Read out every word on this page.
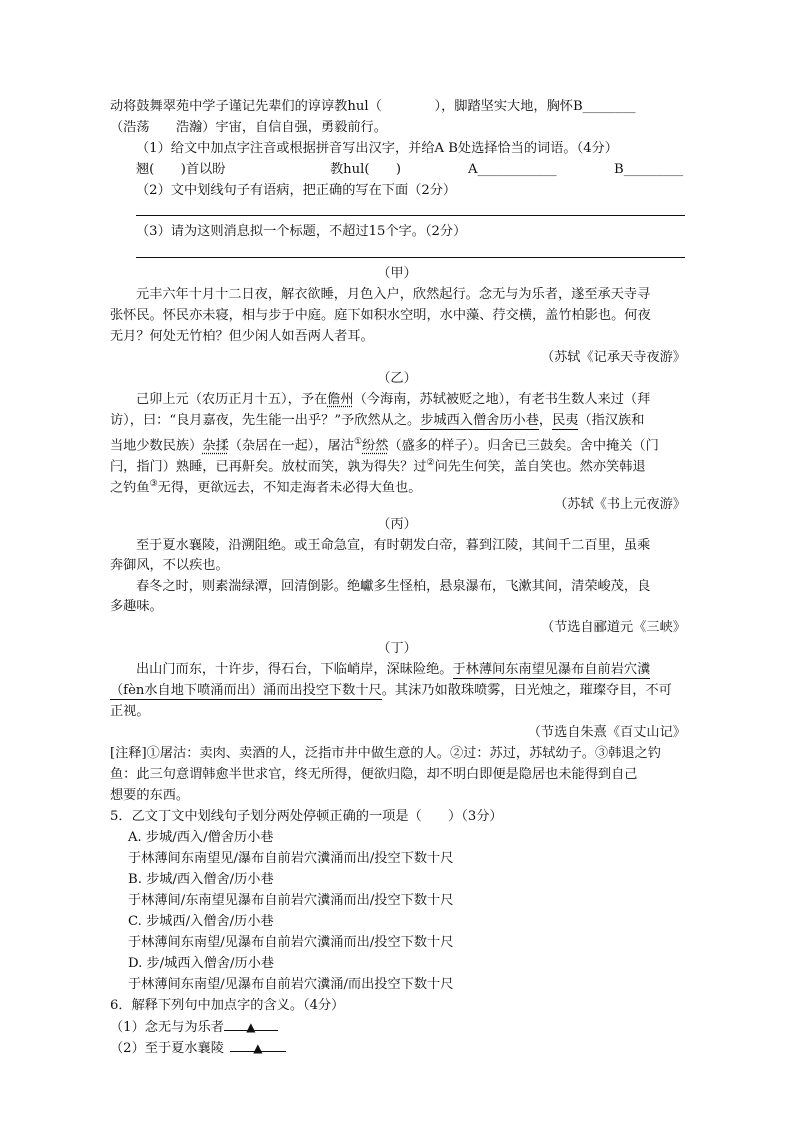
动将鼓舞翠苑中学子谨记先辈们的谆谆教hul（　　　　），脚踏坚实大地，胸怀B________
（浩荡　　浩瀚）宇宙，自信自强，勇毅前行。
（1）给文中加点字注音或根据拼音写出汉字，并给A B处选择恰当的词语。（4分）
翘(　　)首以盼	教hul(　　)	A____________	B_________
（2）文中划线句子有语病，把正确的写在下面（2分）
（3）请为这则消息拟一个标题，不超过15个字。（2分）
（甲）
元丰六年十月十二日夜，解衣欲睡，月色入户，欣然起行。念无与为乐者，遂至承天寺寻
张怀民。怀民亦未寝，相与步于中庭。庭下如积水空明，水中藻、荇交横，盖竹柏影也。何夜
无月？何处无竹柏？但少闲人如吾两人者耳。
（苏轼《记承天寺夜游》
（乙）
己卯上元（农历正月十五），予在儋州（今海南，苏轼被贬之地），有老书生数人来过（拜
访），曰：“良月嘉夜，先生能一出乎？”予欣然从之。步城西入僧舍历小巷，民夷（指汉族和
当地少数民族）杂揉（杂居在一起），屠沽①纷然（盛多的样子）。归舍已三鼓矣。舍中掩关（门
闩，指门）熟睡，已再鼾矣。放杖而笑，孰为得失？过②问先生何笑，盖自笑也。然亦笑韩退
之钓鱼③无得，更欲远去，不知走海者未必得大鱼也。
（苏轼《书上元夜游》
（丙）
至于夏水襄陵，沿溯阻绝。或王命急宣，有时朝发白帝，暮到江陵，其间千二百里，虽乘
奔御风，不以疾也。
春冬之时，则素湍绿潭，回清倒影。绝巘多生怪柏，悬泉瀑布，飞漱其间，清荣峻茂，良
多趣味。
（节选自郦道元《三峡》
（丁）
出山门而东，十许步，得石台，下临峭岸，深昧险绝。于林薄间东南望见瀑布自前岩穴瀵
（fèn水自地下喷涌而出）涌而出投空下数十尺。其沫乃如散珠喷雾，日光烛之，璀璨夺目，不可
正视。
（节选自朱熹《百丈山记》
[注释]①屠沽：卖肉、卖酒的人，泛指市井中做生意的人。②过：苏过，苏轼幼子。③韩退之钓
鱼：此三句意谓韩愈半世求官，终无所得，便欲归隐，却不明白即便是隐居也未能得到自己
想要的东西。
5．乙文丁文中划线句子划分两处停顿正确的一项是（　　）（3分）
A. 步城/西入/僧舍历小巷
于林薄间东南望见/瀑布自前岩穴瀵涌而出/投空下数十尺
B. 步城/西入僧舍/历小巷
于林薄间/东南望见瀑布自前岩穴瀵涌而出/投空下数十尺
C. 步城西/入僧舍/历小巷
于林薄间东南望/见瀑布自前岩穴瀵涌而出/投空下数十尺
D. 步/城西入僧舍/历小巷
于林薄间东南望/见瀑布自前岩穴瀵涌/而出投空下数十尺
6．解释下列句中加点字的含义。（4分）
（1）念无与为乐者 ▲
（2）至于夏水襄陵 ▲
